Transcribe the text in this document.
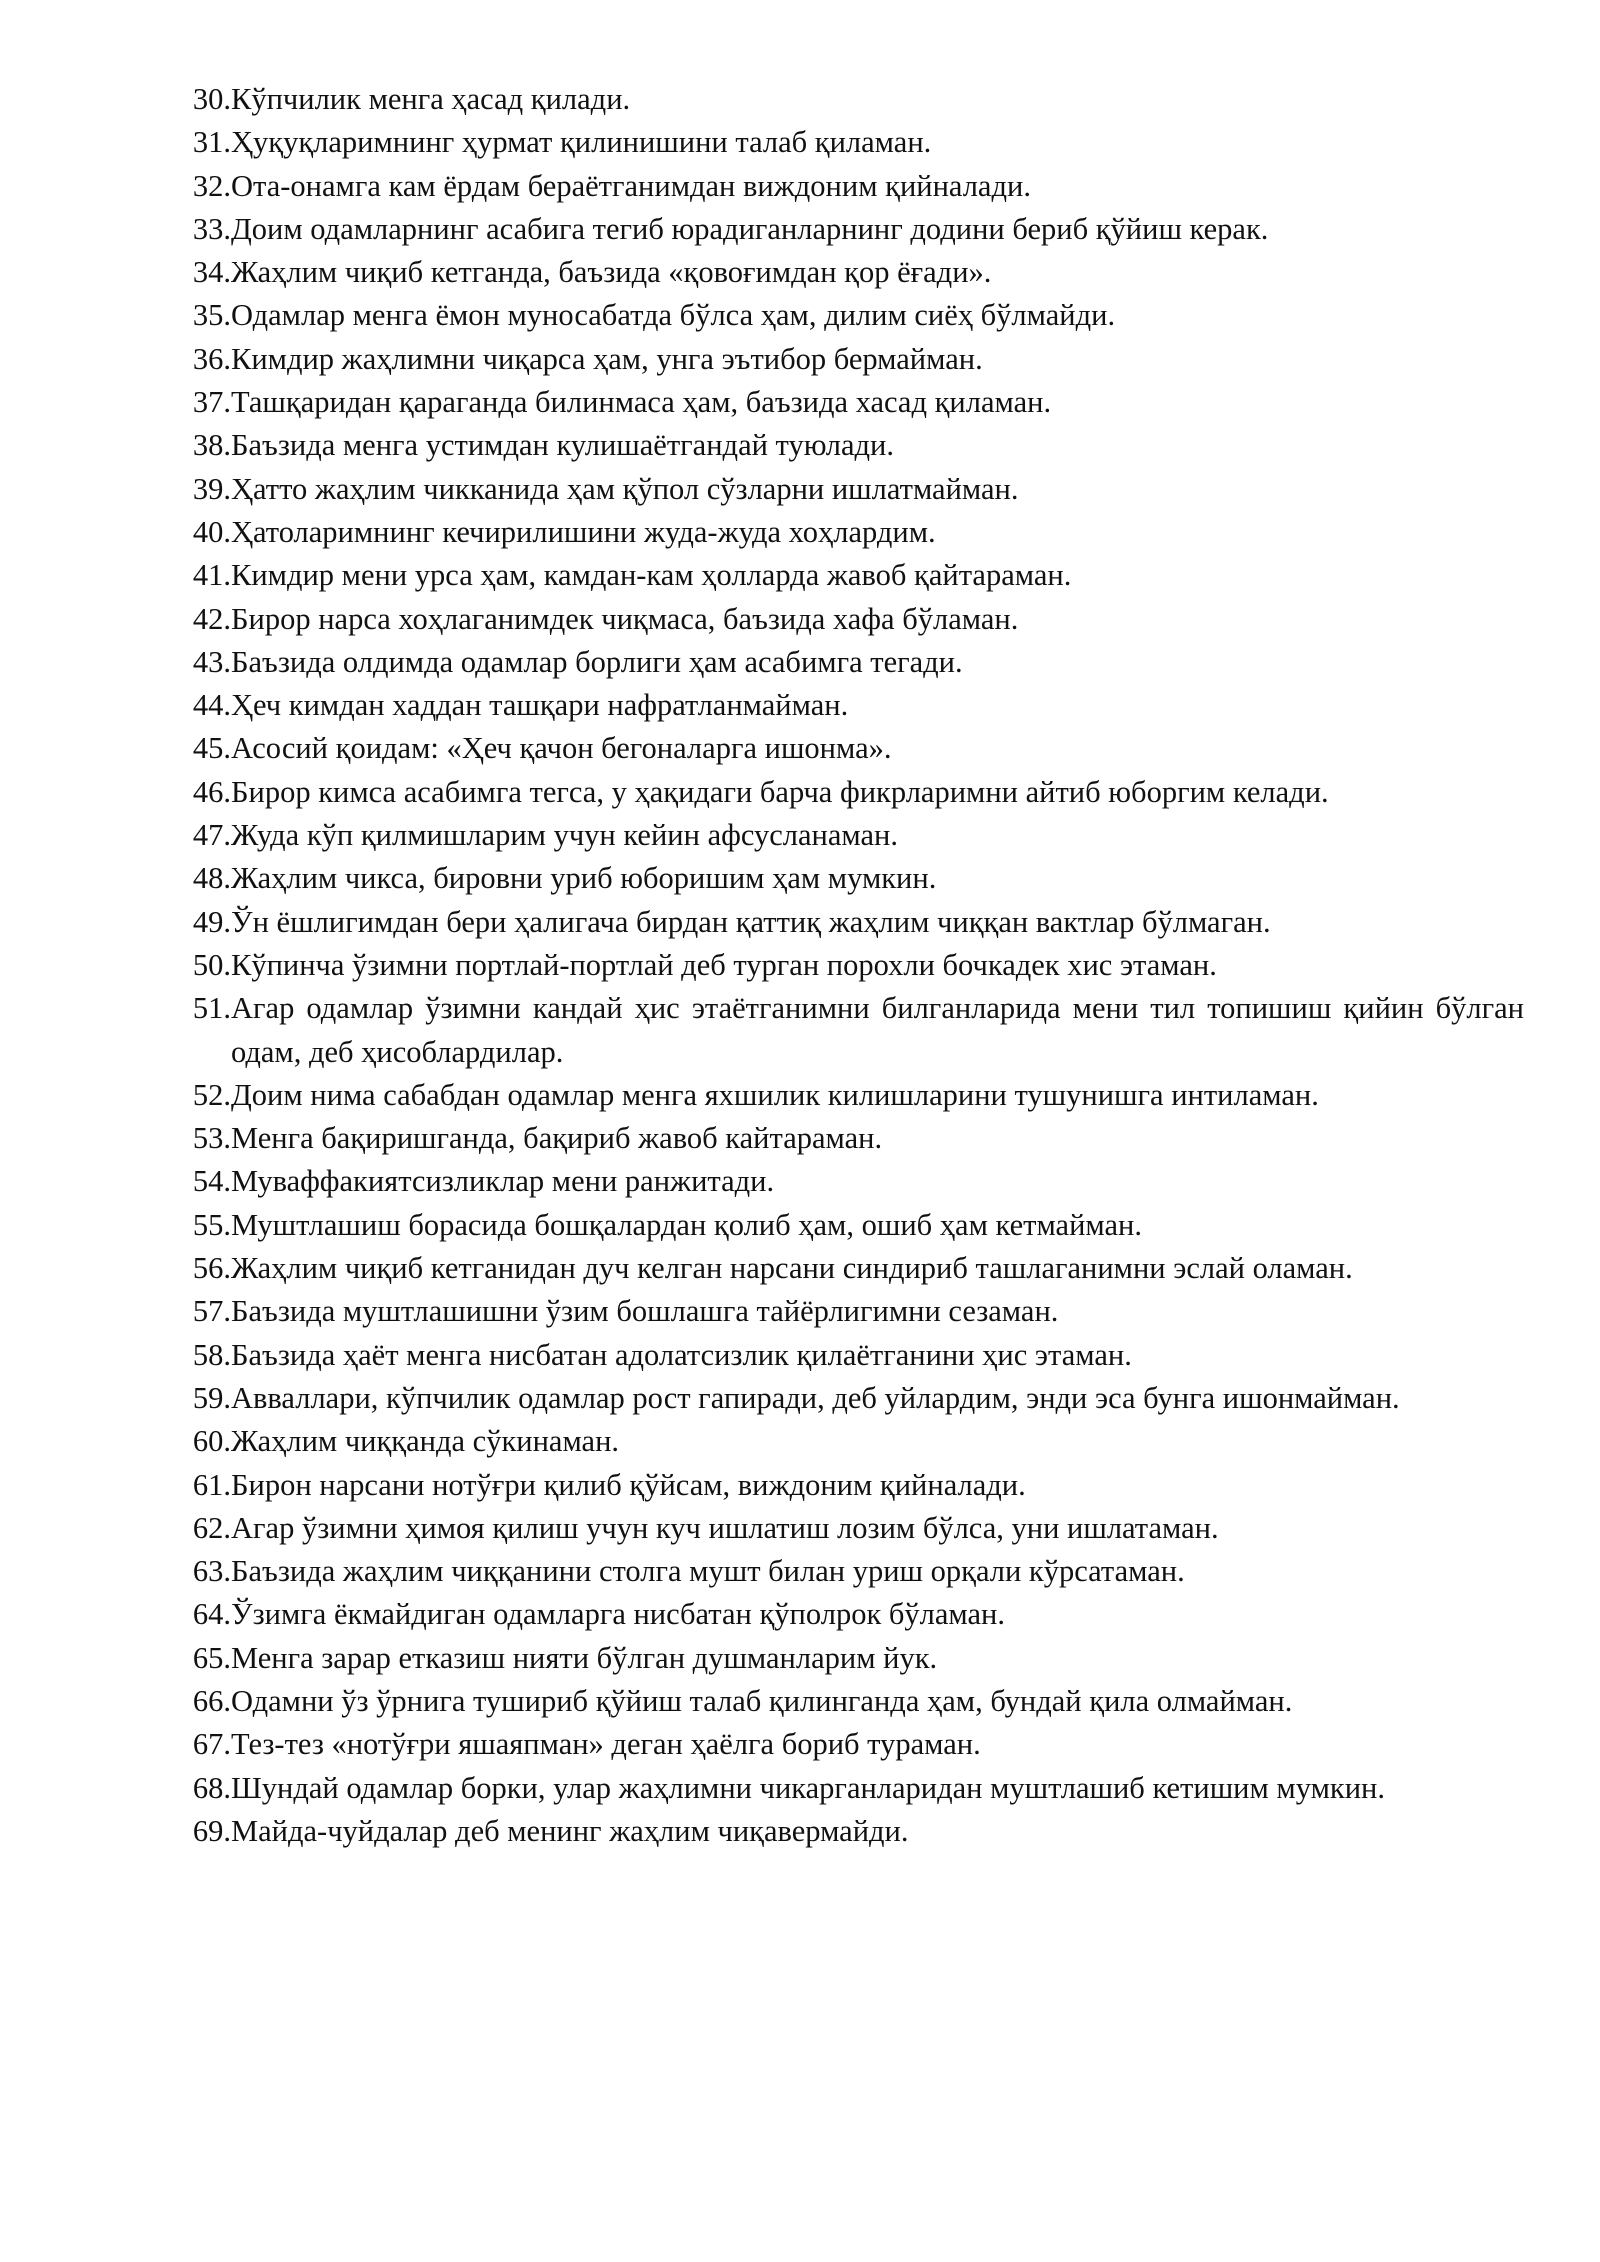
30. Кўпчилик менга ҳасад қилади.
31. Ҳуқуқларимнинг ҳурмат қилинишини талаб қиламан.
32. Ота-онамга кам ёрдам бераётганимдан виждоним қийналади.
33. Доим одамларнинг асабига тегиб юрадиганларнинг додини бериб қўйиш керак.
34. Жаҳлим чиқиб кетганда, баъзида «қовоғимдан қор ёғади».
35. Одамлар менга ёмон муносабатда бўлса ҳам, дилим сиёҳ бўлмайди.
36. Кимдир жаҳлимни чиқарса ҳам, унга эътибор бермайман.
37. Ташқаридан қараганда билинмаса ҳам, баъзида хасад қиламан.
38. Баъзида менга устимдан кулишаётгандай туюлади.
39. Ҳатто жаҳлим чикканида ҳам қўпол сўзларни ишлатмайман.
40. Ҳатоларимнинг кечирилишини жуда-жуда хоҳлардим.
41. Кимдир мени урса ҳам, камдан-кам ҳолларда жавоб қайтараман.
42. Бирор нарса хоҳлаганимдек чиқмаса, баъзида хафа бўламан.
43. Баъзида олдимда одамлар борлиги ҳам асабимга тегади.
44. Ҳеч кимдан хаддан ташқари нафратланмайман.
45. Асосий қоидам: «Ҳеч қачон бегоналарга ишонма».
46. Бирор кимса асабимга тегса, у ҳақидаги барча фикрларимни айтиб юборгим келади.
47. Жуда кўп қилмишларим учун кейин афсусланаман.
48. Жаҳлим чикса, бировни уриб юборишим ҳам мумкин.
49. Ўн ёшлигимдан бери ҳалигача бирдан қаттиқ жаҳлим чиққан вактлар бўлмаган.
50. Кўпинча ўзимни портлай-портлай деб турган порохли бочкадек хис этаман.
51. Агар одамлар ўзимни кандай ҳис этаётганимни билганларида мени тил топишиш қийин бўлган одам, деб ҳисоблардилар.
52. Доим нима сабабдан одамлар менга яхшилик килишларини тушунишга интиламан.
53. Менга бақиришганда, бақириб жавоб кайтараман.
54. Муваффакиятсизликлар мени ранжитади.
55. Муштлашиш борасида бошқалардан қолиб ҳам, ошиб ҳам кетмайман.
56. Жаҳлим чиқиб кетганидан дуч келган нарсани синдириб ташлаганимни эслай оламан.
57. Баъзида муштлашишни ўзим бошлашга тайёрлигимни сезаман.
58. Баъзида ҳаёт менга нисбатан адолатсизлик қилаётганини ҳис этаман.
59. Авваллари, кўпчилик одамлар рост гапиради, деб уйлардим, энди эса бунга ишонмайман.
60. Жаҳлим чиққанда сўкинаман.
61. Бирон нарсани нотўғри қилиб қўйсам, виждоним қийналади.
62. Агар ўзимни ҳимоя қилиш учун куч ишлатиш лозим бўлса, уни ишлатаман.
63. Баъзида жаҳлим чиққанини столга мушт билан уриш орқали кўрсатаман.
64. Ўзимга ёкмайдиган одамларга нисбатан қўполрок бўламан.
65. Менга зарар етказиш нияти бўлган душманларим йук.
66. Одамни ўз ўрнига тушириб қўйиш талаб қилинганда ҳам, бундай қила олмайман.
67. Тез-тез «нотўғри яшаяпман» деган ҳаёлга бориб тураман.
68. Шундай одамлар борки, улар жаҳлимни чикарганларидан муштлашиб кетишим мумкин.
69. Майда-чуйдалар деб менинг жаҳлим чиқавермайди.
